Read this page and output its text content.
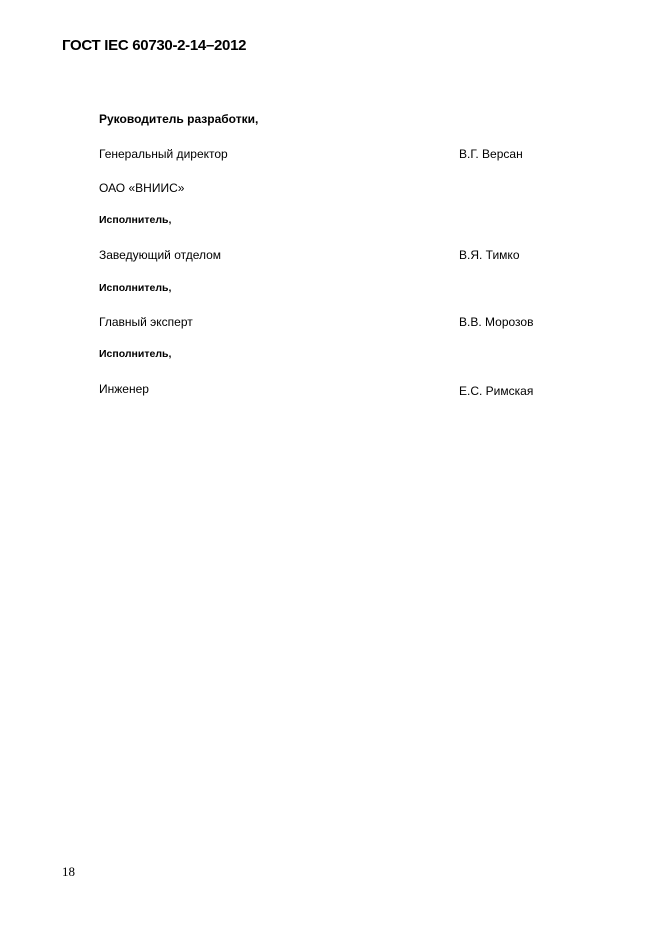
ГОСТ IEC 60730-2-14–2012
Руководитель разработки,
Генеральный директор	В.Г. Версан
ОАО «ВНИИС»
Исполнитель,
Заведующий отделом	В.Я. Тимко
Исполнитель,
Главный эксперт	В.В. Морозов
Исполнитель,
Инженер	Е.С. Римская
18
